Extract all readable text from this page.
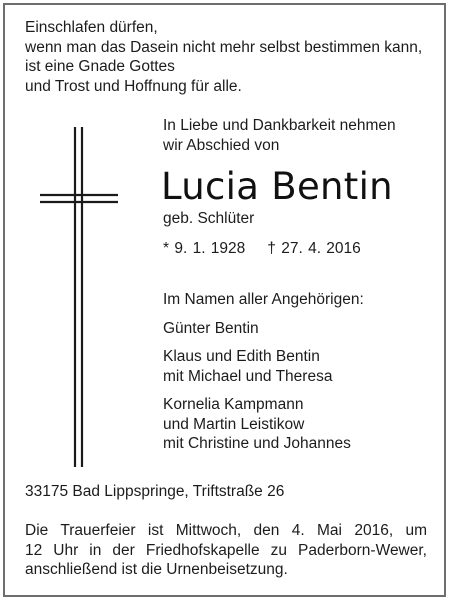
Einschlafen dürfen,
wenn man das Dasein nicht mehr selbst bestimmen kann,
ist eine Gnade Gottes
und Trost und Hoffnung für alle.
In Liebe und Dankbarkeit nehmen
wir Abschied von
Lucia Bentin
geb. Schlüter
* 9. 1. 1928 † 27. 4. 2016
Im Namen aller Angehörigen:
Günter Bentin
Klaus und Edith Bentin
mit Michael und Theresa
Kornelia Kampmann
und Martin Leistikow
mit Christine und Johannes
33175 Bad Lippspringe, Triftstraße 26
Die Trauerfeier ist Mittwoch, den 4. Mai 2016, um
12 Uhr in der Friedhofskapelle zu Paderborn-Wewer,
anschließend ist die Urnenbeisetzung.
